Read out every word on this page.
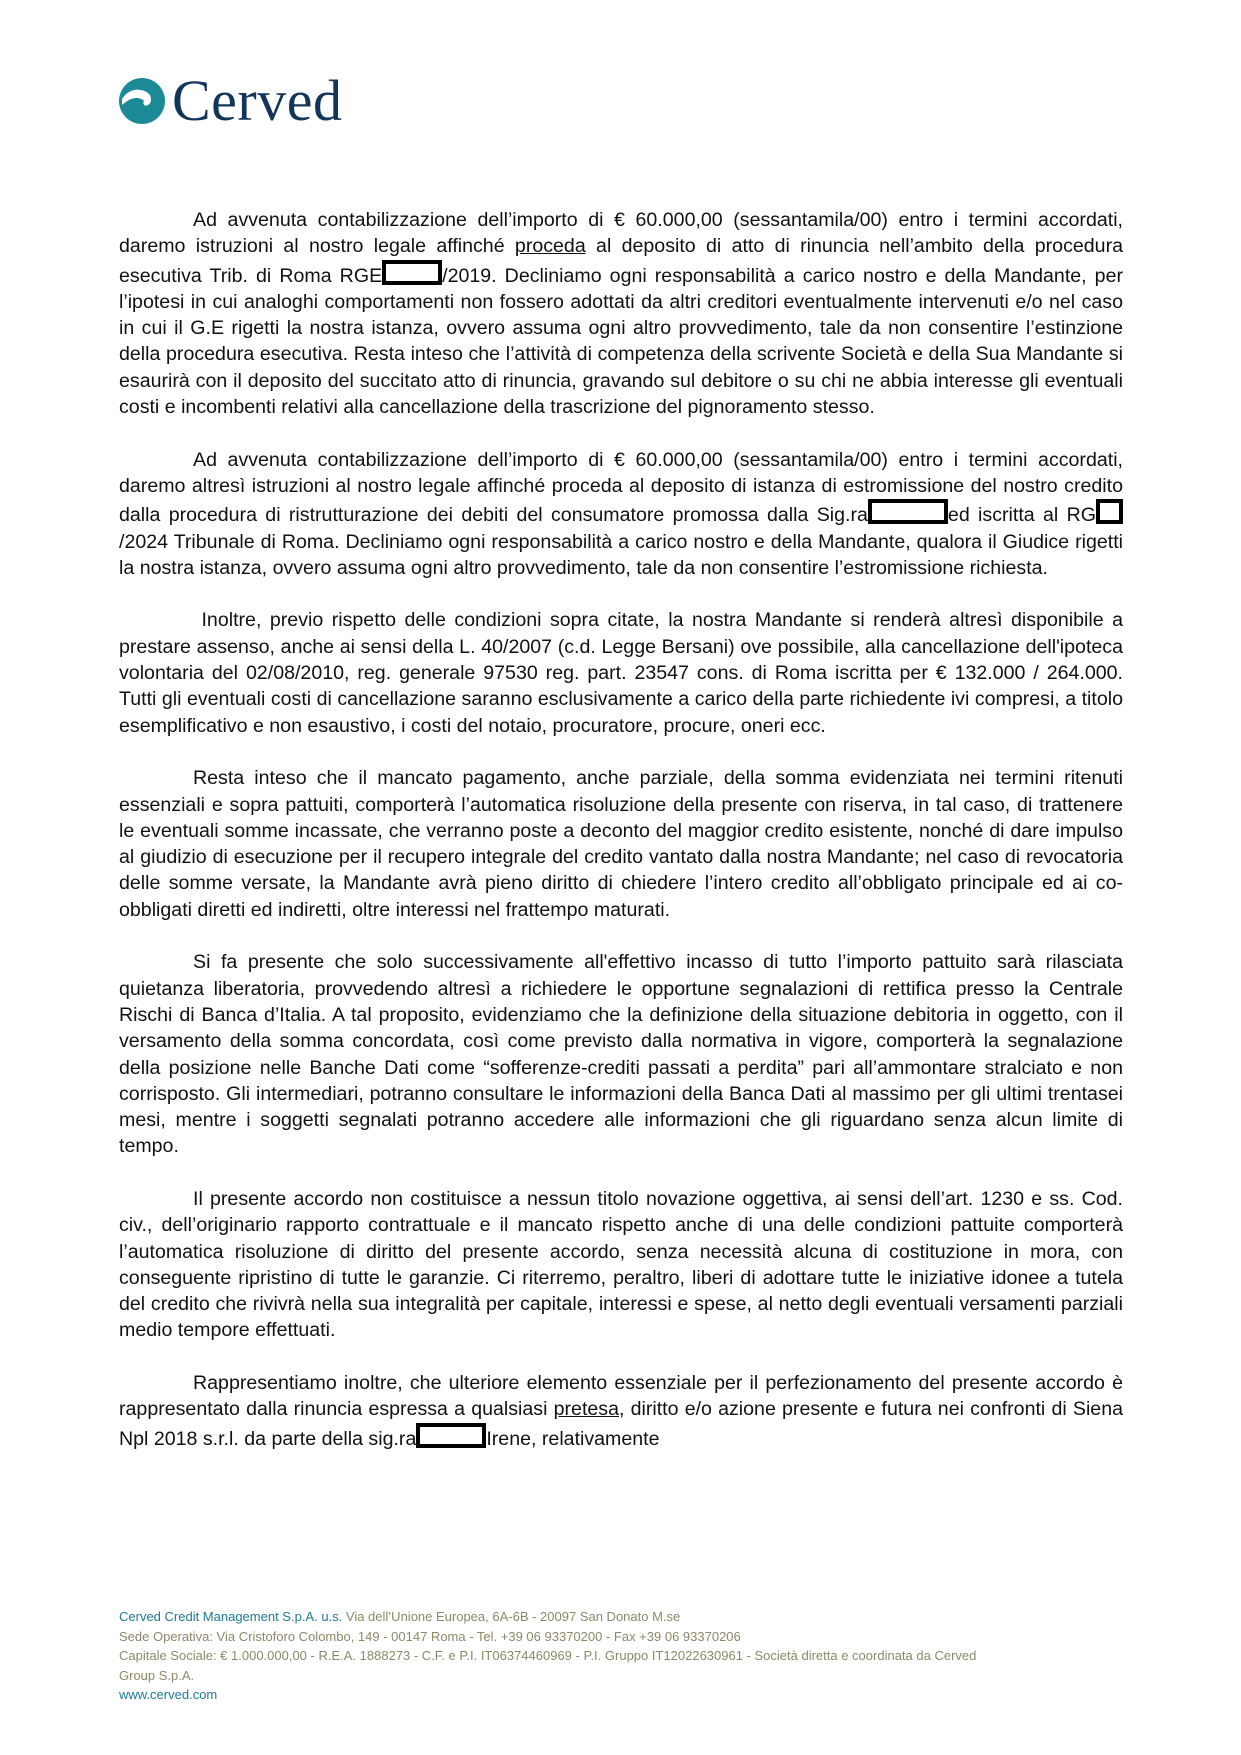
Cerved

Ad avvenuta contabilizzazione dell’importo di € 60.000,00 (sessantamila/00) entro i termini accordati, daremo istruzioni al nostro legale affinché proceda al deposito di atto di rinuncia nell’ambito della procedura esecutiva Trib. di Roma RGE	/2019. Decliniamo ogni responsabilità a carico nostro e della Mandante, per l’ipotesi in cui analoghi comportamenti non fossero adottati da altri creditori eventualmente intervenuti e/o nel caso in cui il G.E rigetti la nostra istanza, ovvero assuma ogni altro provvedimento, tale da non consentire l’estinzione della procedura esecutiva. Resta inteso che l’attività di competenza della scrivente Società e della Sua Mandante si esaurirà con il deposito del succitato atto di rinuncia, gravando sul debitore o su chi ne abbia interesse gli eventuali costi e incombenti relativi alla cancellazione della trascrizione del pignoramento stesso.

Ad avvenuta contabilizzazione dell’importo di € 60.000,00 (sessantamila/00) entro i termini accordati, daremo altresì istruzioni al nostro legale affinché proceda al deposito di istanza di estromissione del nostro credito dalla procedura di ristrutturazione dei debiti del consumatore promossa dalla Sig.ra	ed iscritta al RG/2024 Tribunale di Roma. Decliniamo ogni responsabilità a carico nostro e della Mandante, qualora il Giudice rigetti la nostra istanza, ovvero assuma ogni altro provvedimento, tale da non consentire l’estromissione richiesta.

Inoltre, previo rispetto delle condizioni sopra citate, la nostra Mandante si renderà altresì disponibile a prestare assenso, anche ai sensi della L. 40/2007 (c.d. Legge Bersani) ove possibile, alla cancellazione dell'ipoteca volontaria del 02/08/2010, reg. generale 97530 reg. part. 23547 cons. di Roma iscritta per € 132.000 / 264.000. Tutti gli eventuali costi di cancellazione saranno esclusivamente a carico della parte richiedente ivi compresi, a titolo esemplificativo e non esaustivo, i costi del notaio, procuratore, procure, oneri ecc.

Resta inteso che il mancato pagamento, anche parziale, della somma evidenziata nei termini ritenuti essenziali e sopra pattuiti, comporterà l’automatica risoluzione della presente con riserva, in tal caso, di trattenere le eventuali somme incassate, che verranno poste a deconto del maggior credito esistente, nonché di dare impulso al giudizio di esecuzione per il recupero integrale del credito vantato dalla nostra Mandante; nel caso di revocatoria delle somme versate, la Mandante avrà pieno diritto di chiedere l’intero credito all’obbligato principale ed ai co-obbligati diretti ed indiretti, oltre interessi nel frattempo maturati.

Si fa presente che solo successivamente all'effettivo incasso di tutto l’importo pattuito sarà rilasciata quietanza liberatoria, provvedendo altresì a richiedere le opportune segnalazioni di rettifica presso la Centrale Rischi di Banca d’Italia. A tal proposito, evidenziamo che la definizione della situazione debitoria in oggetto, con il versamento della somma concordata, così come previsto dalla normativa in vigore, comporterà la segnalazione della posizione nelle Banche Dati come “sofferenze-crediti passati a perdita” pari all’ammontare stralciato e non corrisposto. Gli intermediari, potranno consultare le informazioni della Banca Dati al massimo per gli ultimi trentasei mesi, mentre i soggetti segnalati potranno accedere alle informazioni che gli riguardano senza alcun limite di tempo.

Il presente accordo non costituisce a nessun titolo novazione oggettiva, ai sensi dell’art. 1230 e ss. Cod. civ., dell’originario rapporto contrattuale e il mancato rispetto anche di una delle condizioni pattuite comporterà l’automatica risoluzione di diritto del presente accordo, senza necessità alcuna di costituzione in mora, con conseguente ripristino di tutte le garanzie. Ci riterremo, peraltro, liberi di adottare tutte le iniziative idonee a tutela del credito che rivivrà nella sua integralità per capitale, interessi e spese, al netto degli eventuali versamenti parziali medio tempore effettuati.

Rappresentiamo inoltre, che ulteriore elemento essenziale per il perfezionamento del presente accordo è rappresentato dalla rinuncia espressa a qualsiasi pretesa, diritto e/o azione presente e futura nei confronti di Siena Npl 2018 s.r.l. da parte della sig.ra	Irene, relativamente

Cerved Credit Management S.p.A. u.s. Via dell’Unione Europea, 6A-6B - 20097 San Donato M.se
Sede Operativa: Via Cristoforo Colombo, 149 - 00147 Roma - Tel. +39 06 93370200 - Fax +39 06 93370206
Capitale Sociale: € 1.000.000,00 - R.E.A. 1888273 - C.F. e P.I. IT06374460969 - P.I. Gruppo IT12022630961 - Società diretta e coordinata da Cerved
Group S.p.A.
www.cerved.com
